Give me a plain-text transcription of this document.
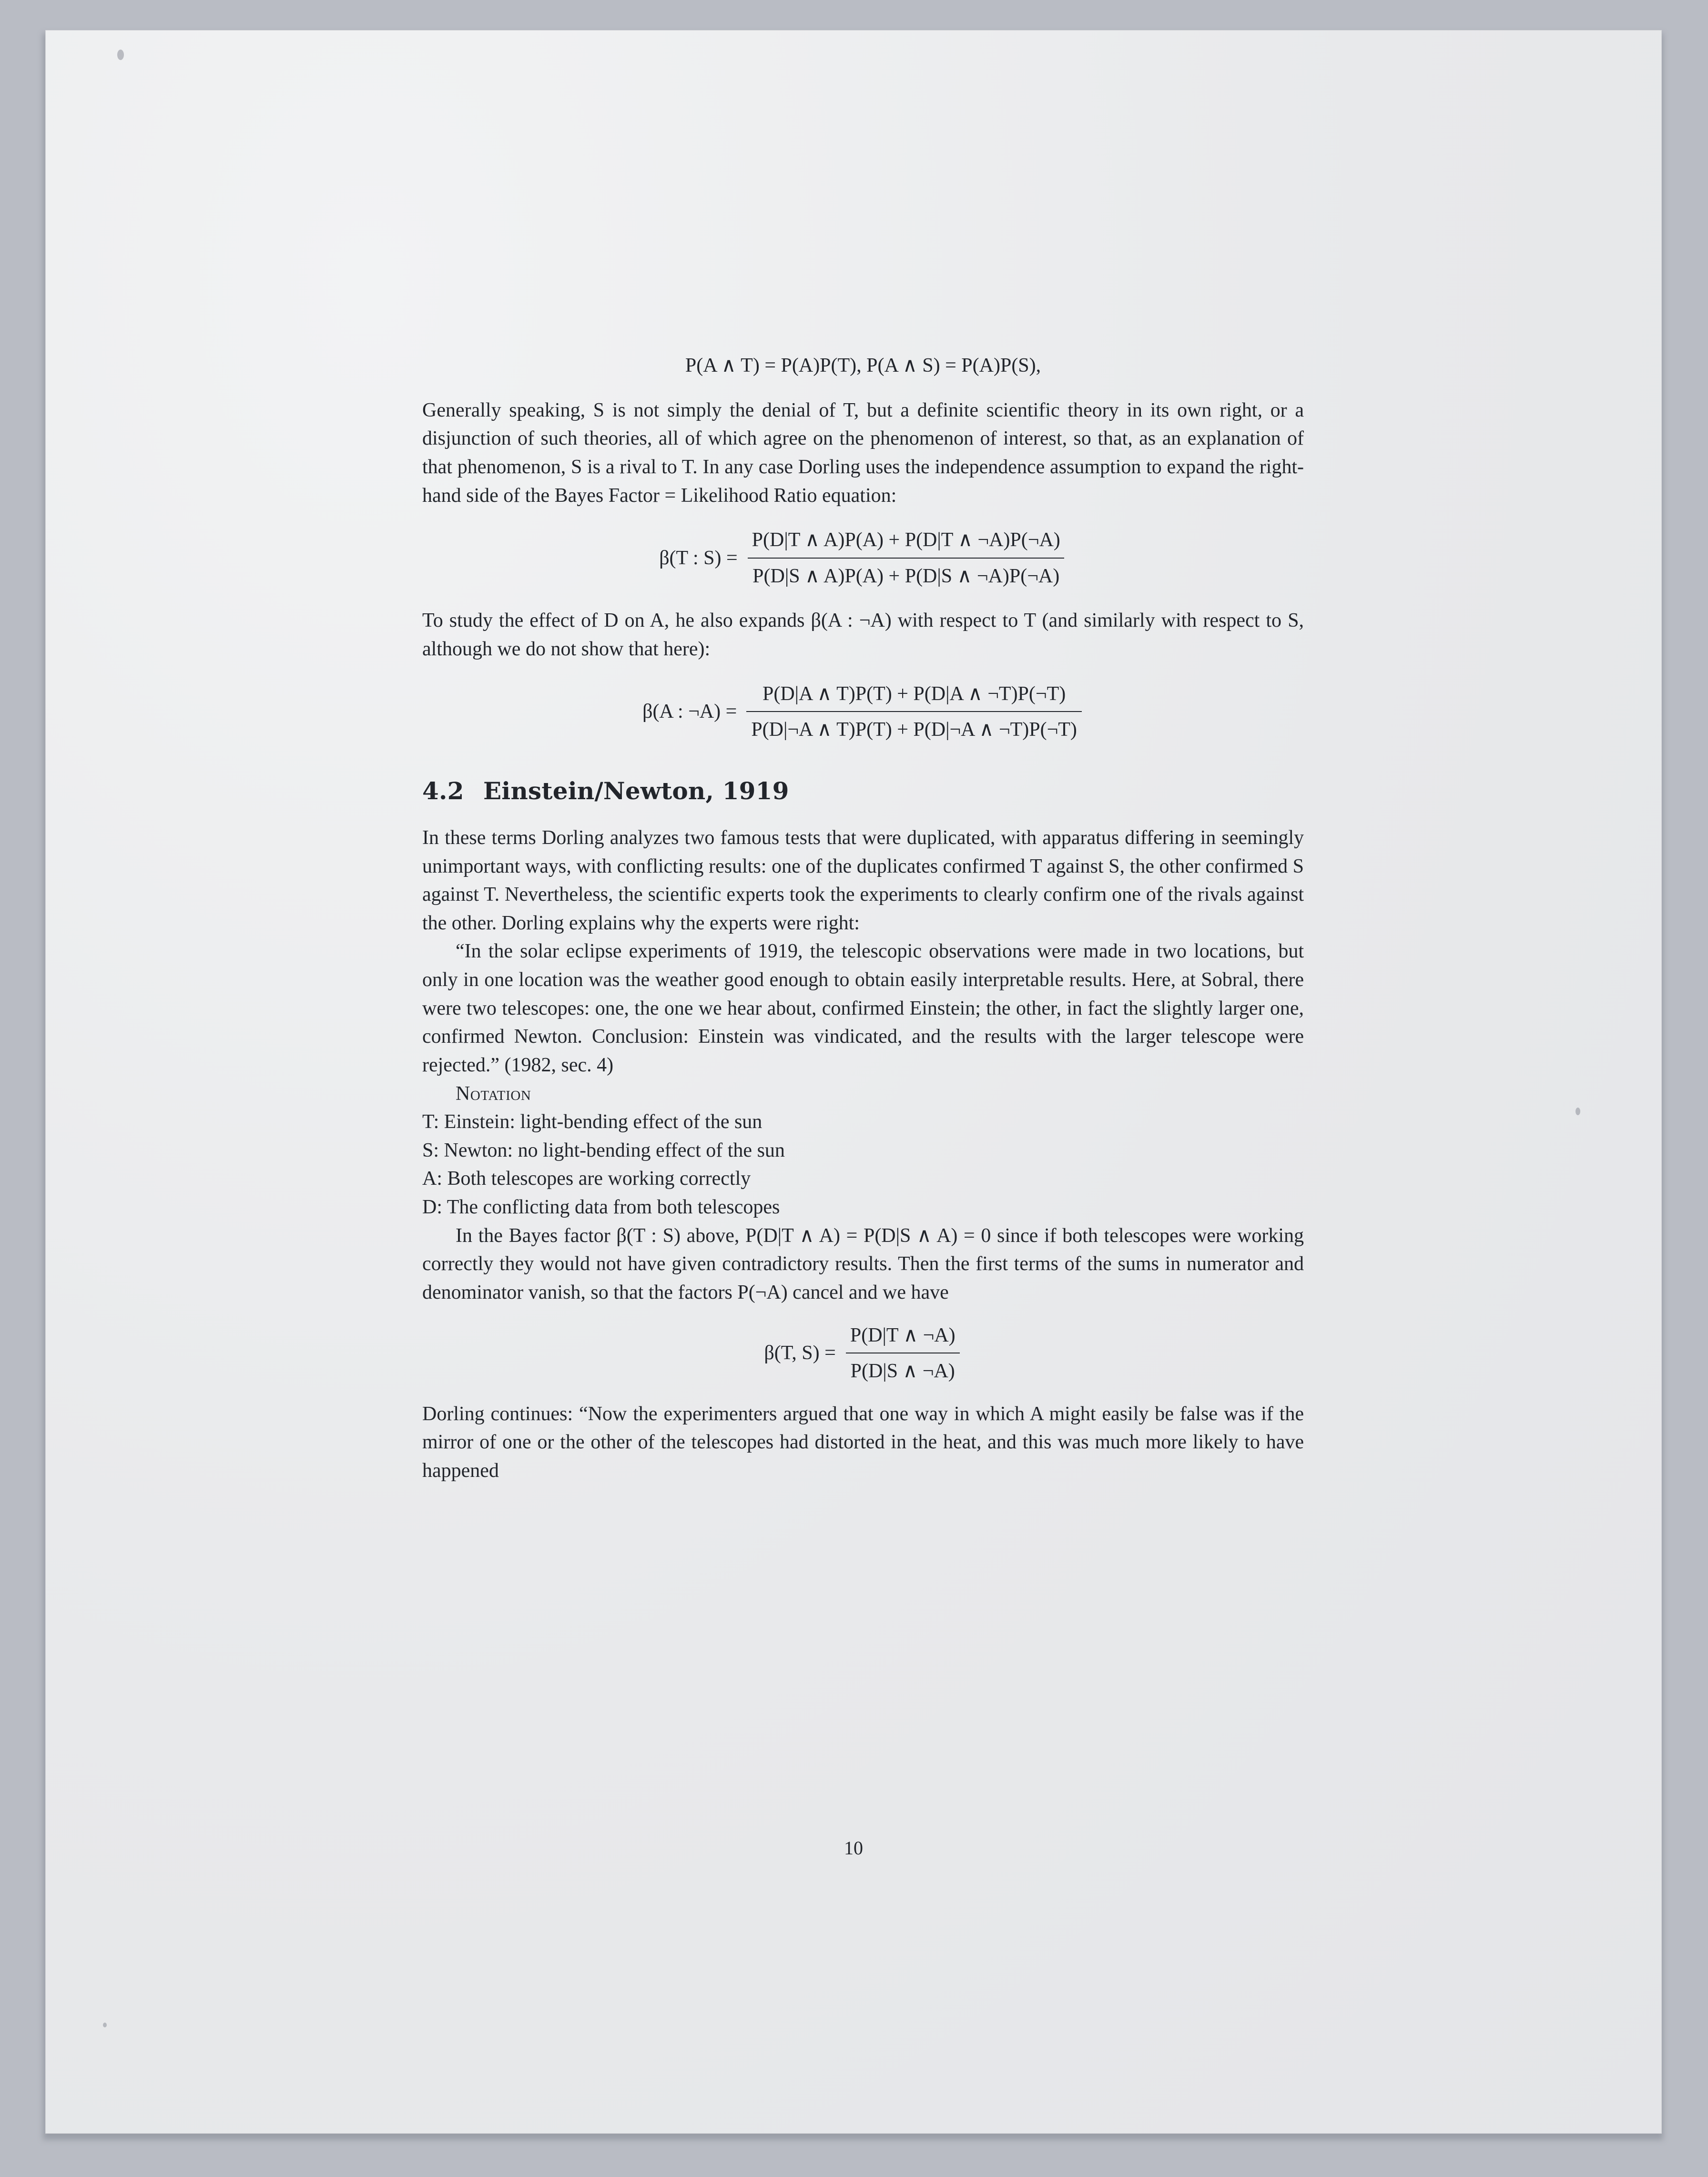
P(A ∧ T) = P(A)P(T), P(A ∧ S) = P(A)P(S),

Generally speaking, S is not simply the denial of T, but a definite scientific theory in its own right, or a disjunction of such theories, all of which agree on the phenomenon of interest, so that, as an explanation of that phenomenon, S is a rival to T. In any case Dorling uses the independence assumption to expand the right-hand side of the Bayes Factor = Likelihood Ratio equation:

β(T : $S) = \frac{P(D|T \wedge A)P(A) + P(D|T \wedge \neg A)P(\neg A)}{P(D|S \wedge A)P(A) + P(D|S \wedge \neg A)P(\neg A)}$

To study the effect of D on A, he also expands β(A : ¬A) with respect to T (and similarly with respect to S, although we do not show that here):

β(A : ¬A) = $\frac{P(D|A \wedge T)P(T) + P(D|A \wedge \neg T)P(\neg T)}{P(D|\neg A \wedge T)P(T) + P(D|\neg A \wedge \neg T)P(\neg T)}$
4.2 Einstein/Newton, 1919

In these terms Dorling analyzes two famous tests that were duplicated, with apparatus differing in seemingly unimportant ways, with conflicting results: one of the duplicates confirmed T against S, the other confirmed S against T. Nevertheless, the scientific experts took the experiments to clearly confirm one of the rivals against the other. Dorling explains why the experts were right:

“In the solar eclipse experiments of 1919, the telescopic observations were made in two locations, but only in one location was the weather good enough to obtain easily interpretable results. Here, at Sobral, there were two telescopes: one, the one we hear about, confirmed Einstein; the other, in fact the slightly larger one, confirmed Newton. Conclusion: Einstein was vindicated, and the results with the larger telescope were rejected.” (1982, sec. 4)

Notation

T: Einstein: light-bending effect of the sun

S: Newton: no light-bending effect of the sun

A: Both telescopes are working correctly

D: The conflicting data from both telescopes

In the Bayes factor β(T : S) above, P(D|T ∧ A) = P(D|S ∧ A) = 0 since if both telescopes were working correctly they would not have given contradictory results. Then the first terms of the sums in numerator and denominator vanish, so that the factors P(¬A) cancel and we have

β(T, $S) = \frac{P(D|T \wedge \neg A)}{P(D|S \wedge \neg A)}$

Dorling continues: “Now the experimenters argued that one way in which A might easily be false was if the mirror of one or the other of the telescopes had distorted in the heat, and this was much more likely to have happened

10
